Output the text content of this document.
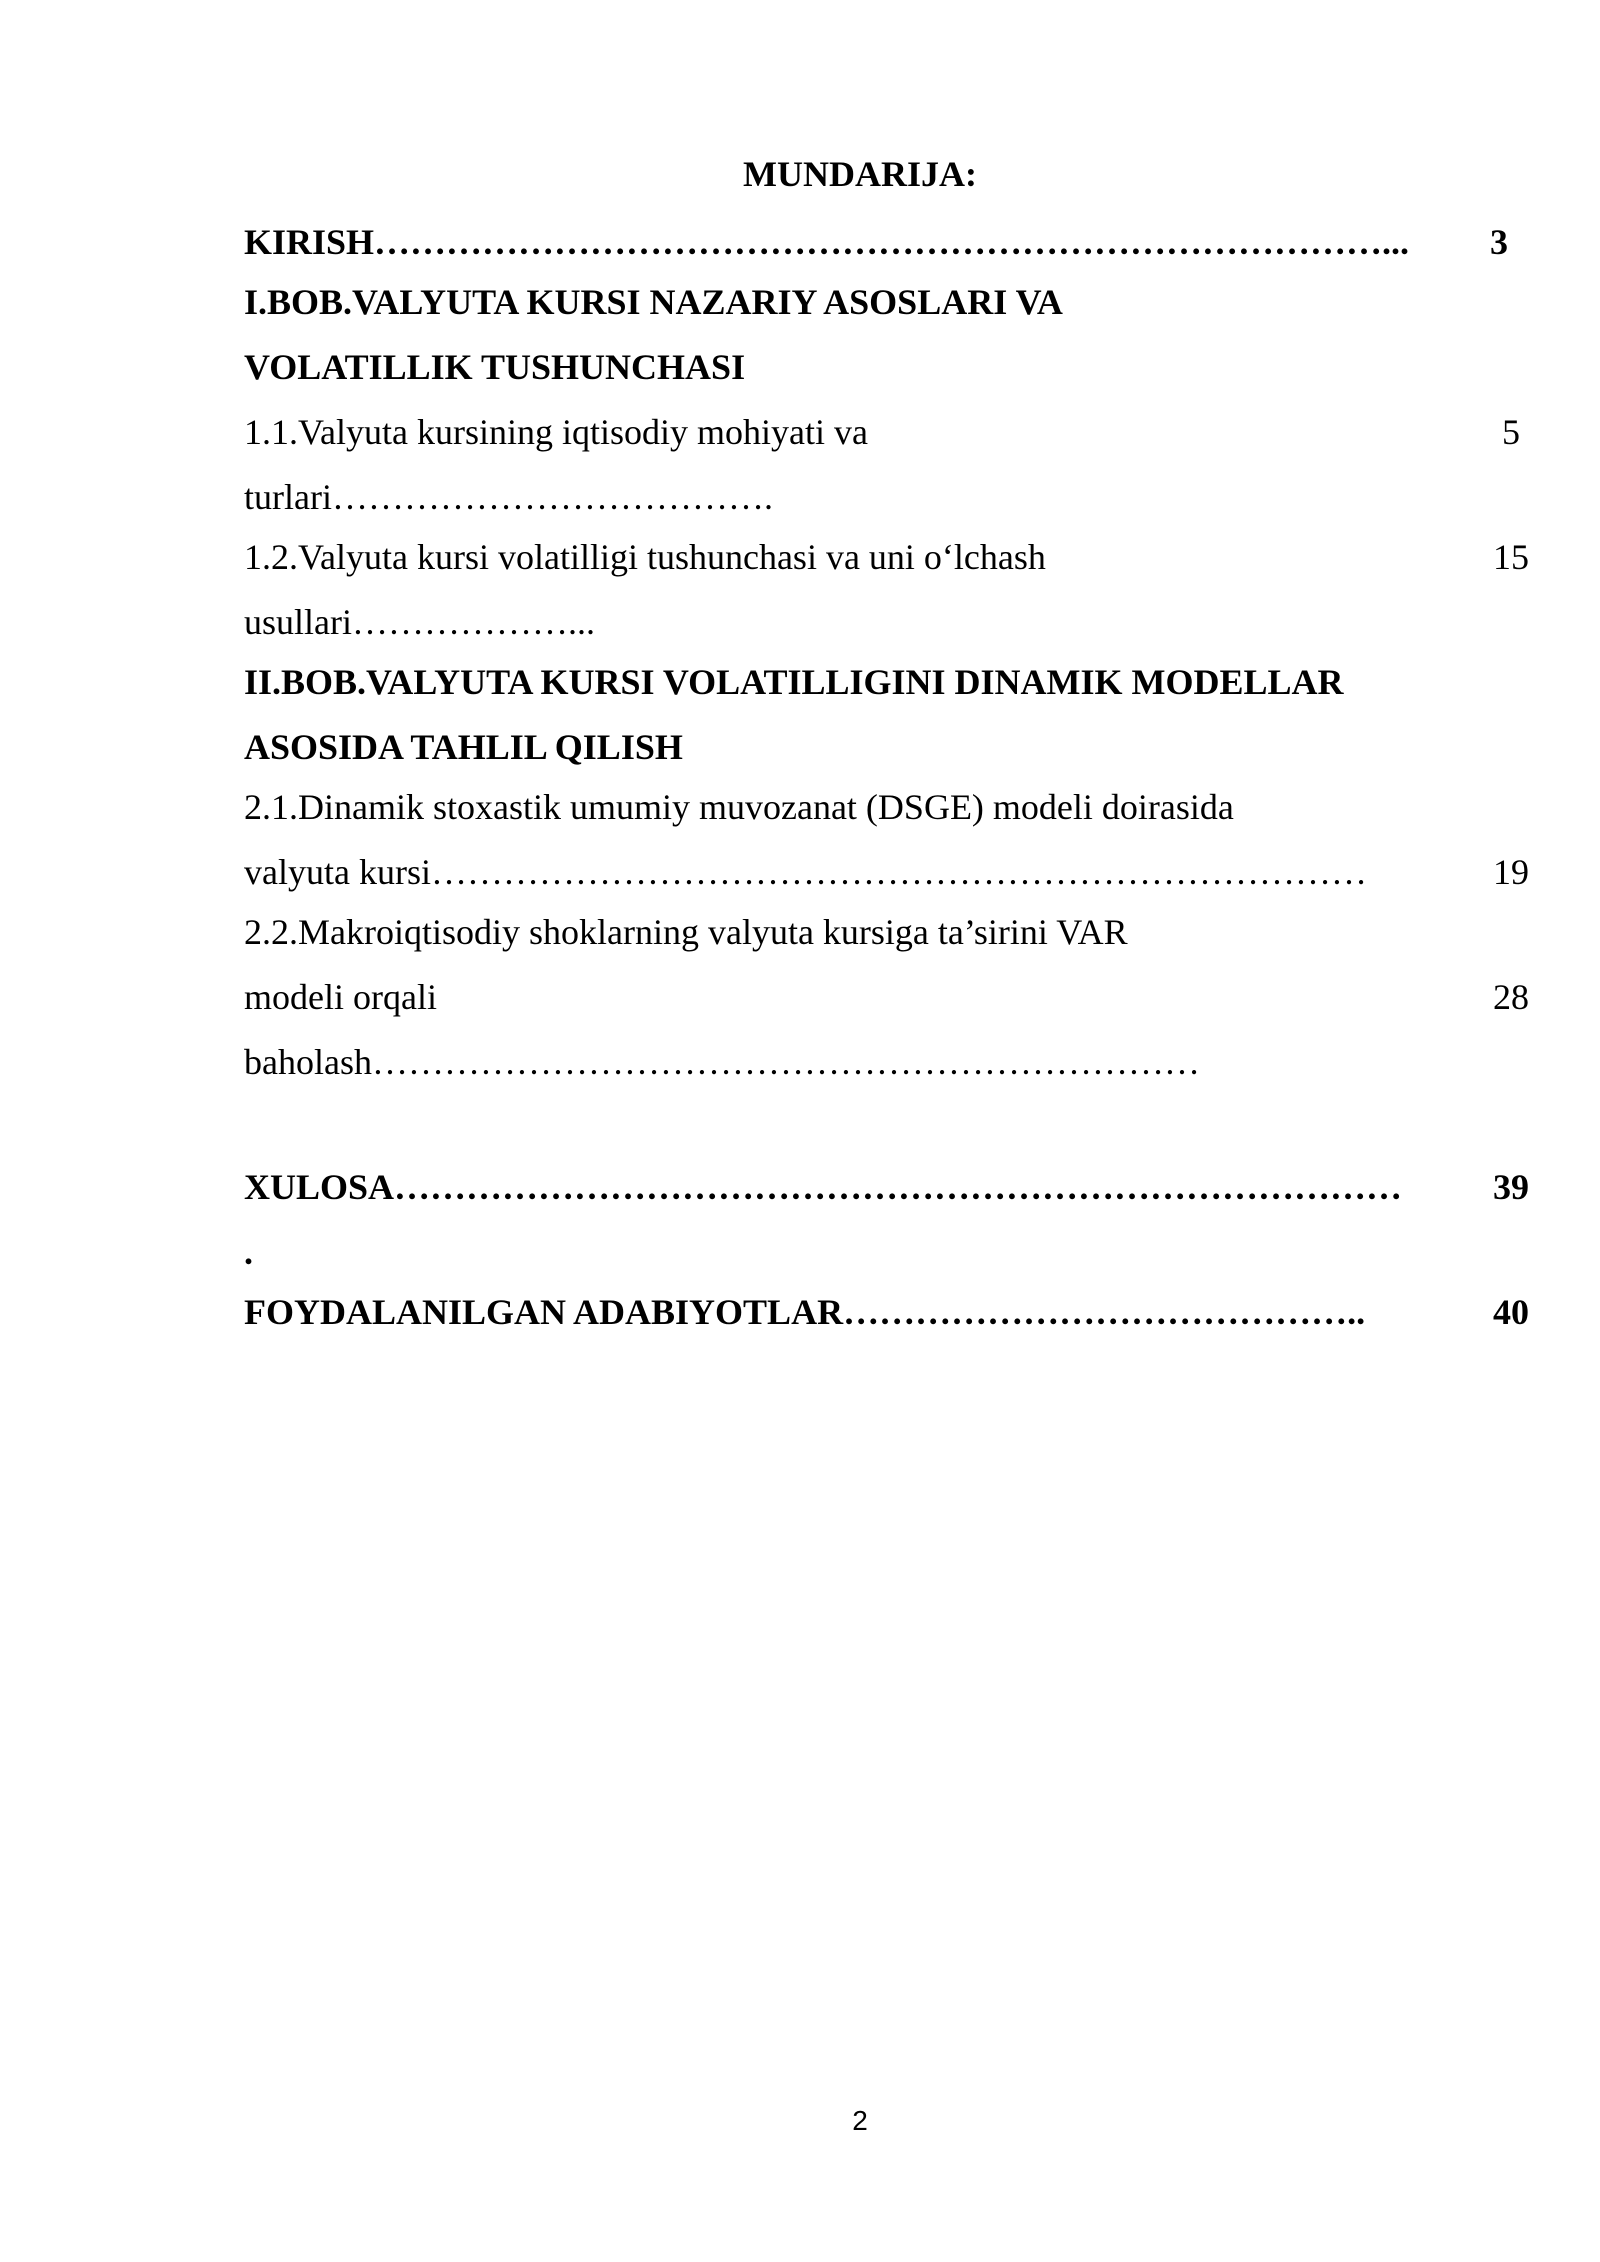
MUNDARIJA:
KIRISH…………………………………………………………………………... 3
I.BOB.VALYUTA KURSI NAZARIY ASOSLARI VA
VOLATILLIK TUSHUNCHASI
1.1.Valyuta kursining iqtisodiy mohiyati va	5
turlari……………………………….
1.2.Valyuta kursi volatilligi tushunchasi va uni o‘lchash	15
usullari………………...
II.BOB.VALYUTA KURSI VOLATILLIGINI DINAMIK MODELLAR
ASOSIDA TAHLIL QILISH
2.1.Dinamik stoxastik umumiy muvozanat (DSGE) modeli doirasida
valyuta kursi……………………………………………………………………	19
2.2.Makroiqtisodiy shoklarning valyuta kursiga ta’sirini VAR
modeli orqali	28
baholash……………………………………………………………
XULOSA…………………………………………………………………………	39
.
FOYDALANILGAN ADABIYOTLAR……………………………………..	40
2
